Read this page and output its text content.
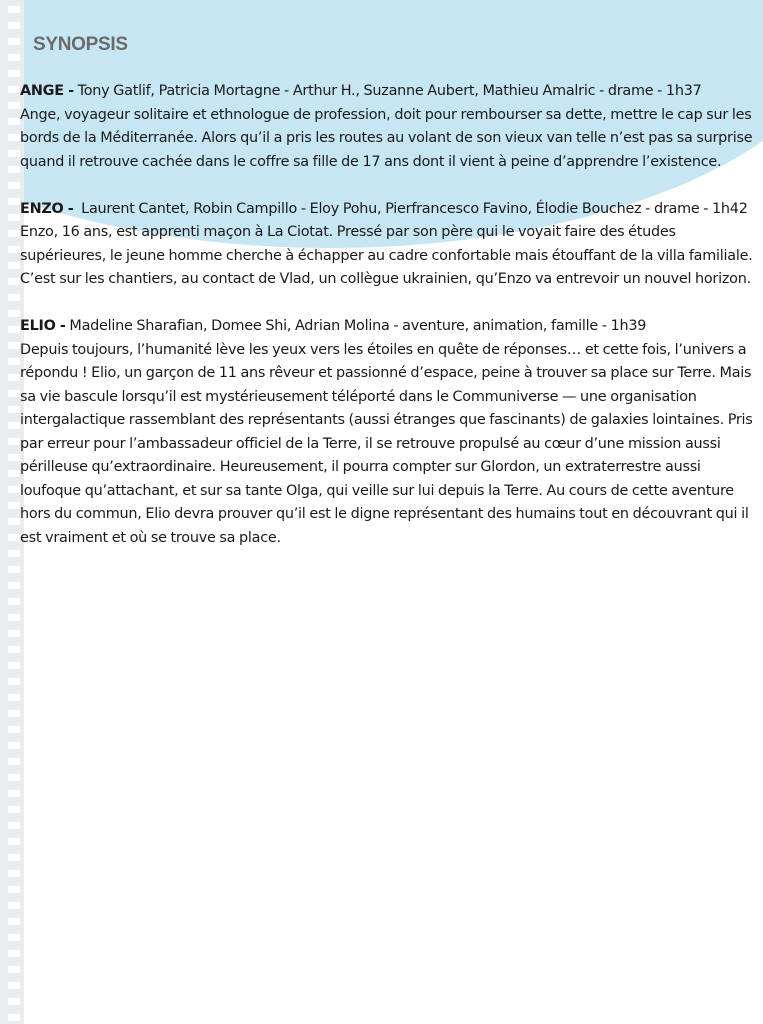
SYNOPSIS

ANGE - Tony Gatlif, Patricia Mortagne - Arthur H., Suzanne Aubert, Mathieu Amalric - drame - 1h37

Ange, voyageur solitaire et ethnologue de profession, doit pour rembourser sa dette, mettre le cap sur les bords de la Méditerranée. Alors qu’il a pris les routes au volant de son vieux van telle n’est pas sa surprise quand il retrouve cachée dans le coffre sa fille de 17 ans dont il vient à peine d’apprendre l’existence.

ENZO -  Laurent Cantet, Robin Campillo - Eloy Pohu, Pierfrancesco Favino, Élodie Bouchez - drame - 1h42

Enzo, 16 ans, est apprenti maçon à La Ciotat. Pressé par son père qui le voyait faire des études supérieures, le jeune homme cherche à échapper au cadre confortable mais étouffant de la villa familiale. C’est sur les chantiers, au contact de Vlad, un collègue ukrainien, qu’Enzo va entrevoir un nouvel horizon.

ELIO - Madeline Sharafian, Domee Shi, Adrian Molina - aventure, animation, famille - 1h39

Depuis toujours, l’humanité lève les yeux vers les étoiles en quête de réponses… et cette fois, l’univers a répondu ! Elio, un garçon de 11 ans rêveur et passionné d’espace, peine à trouver sa place sur Terre. Mais sa vie bascule lorsqu’il est mystérieusement téléporté dans le Communiverse — une organisation intergalactique rassemblant des représentants (aussi étranges que fascinants) de galaxies lointaines. Pris par erreur pour l’ambassadeur officiel de la Terre, il se retrouve propulsé au cœur d’une mission aussi périlleuse qu’extraordinaire. Heureusement, il pourra compter sur Glordon, un extraterrestre aussi loufoque qu’attachant, et sur sa tante Olga, qui veille sur lui depuis la Terre. Au cours de cette aventure hors du commun, Elio devra prouver qu’il est le digne représentant des humains tout en découvrant qui il est vraiment et où se trouve sa place.
